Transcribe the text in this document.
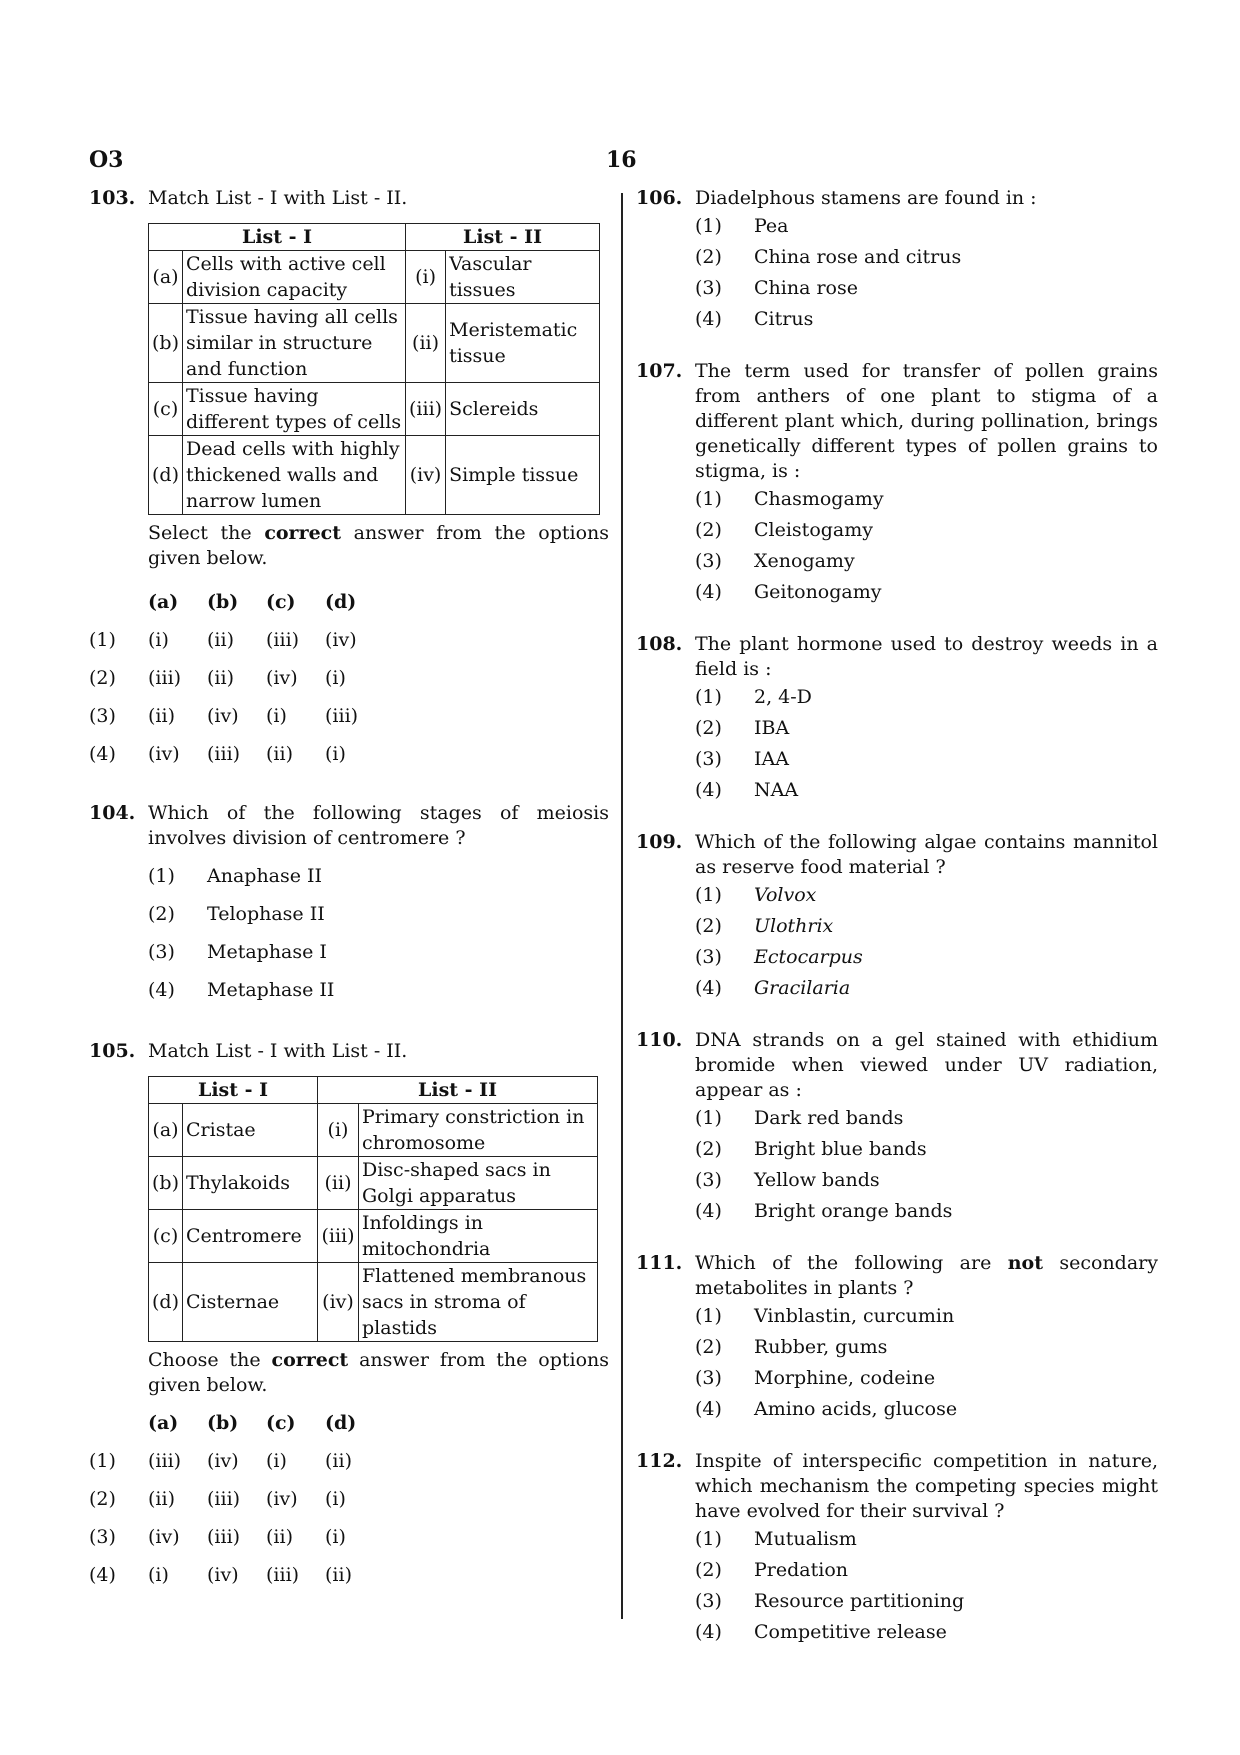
O3	16
103. Match List - I with List - II.
List - I		List - II	
(a)	Cells with active cell division capacity	(i)	Vascular tissues
(b)	Tissue having all cells similar in structure and function	(ii)	Meristematic tissue
(c)	Tissue having different types of cells	(iii)	Sclereids
(d)	Dead cells with highly thickened walls and narrow lumen	(iv)	Simple tissue
Select the correct answer from the options given below.
(a)	(b)	(c)	(d)
(1)	(i)	(ii)	(iii)	(iv)
(2)	(iii)	(ii)	(iv)	(i)
(3)	(ii)	(iv)	(i)	(iii)
(4)	(iv)	(iii)	(ii)	(i)
104. Which of the following stages of meiosis involves division of centromere ?
(1)	Anaphase II
(2)	Telophase II
(3)	Metaphase I
(4)	Metaphase II
105. Match List - I with List - II.
List - I		List - II	
(a)	Cristae	(i)	Primary constriction in chromosome
(b)	Thylakoids	(ii)	Disc-shaped sacs in Golgi apparatus
(c)	Centromere	(iii)	Infoldings in mitochondria
(d)	Cisternae	(iv)	Flattened membranous sacs in stroma of plastids
Choose the correct answer from the options given below.
(a)	(b)	(c)	(d)
(1)	(iii)	(iv)	(i)	(ii)
(2)	(ii)	(iii)	(iv)	(i)
(3)	(iv)	(iii)	(ii)	(i)
(4)	(i)	(iv)	(iii)	(ii)
106. Diadelphous stamens are found in :
(1)	Pea
(2)	China rose and citrus
(3)	China rose
(4)	Citrus
107. The term used for transfer of pollen grains from anthers of one plant to stigma of a different plant which, during pollination, brings genetically different types of pollen grains to stigma, is :
(1)	Chasmogamy
(2)	Cleistogamy
(3)	Xenogamy
(4)	Geitonogamy
108. The plant hormone used to destroy weeds in a field is :
(1)	2, 4-D
(2)	IBA
(3)	IAA
(4)	NAA
109. Which of the following algae contains mannitol as reserve food material ?
(1)	Volvox
(2)	Ulothrix
(3)	Ectocarpus
(4)	Gracilaria
110. DNA strands on a gel stained with ethidium bromide when viewed under UV radiation, appear as :
(1)	Dark red bands
(2)	Bright blue bands
(3)	Yellow bands
(4)	Bright orange bands
111. Which of the following are not secondary metabolites in plants ?
(1)	Vinblastin, curcumin
(2)	Rubber, gums
(3)	Morphine, codeine
(4)	Amino acids, glucose
112. Inspite of interspecific competition in nature, which mechanism the competing species might have evolved for their survival ?
(1)	Mutualism
(2)	Predation
(3)	Resource partitioning
(4)	Competitive release
